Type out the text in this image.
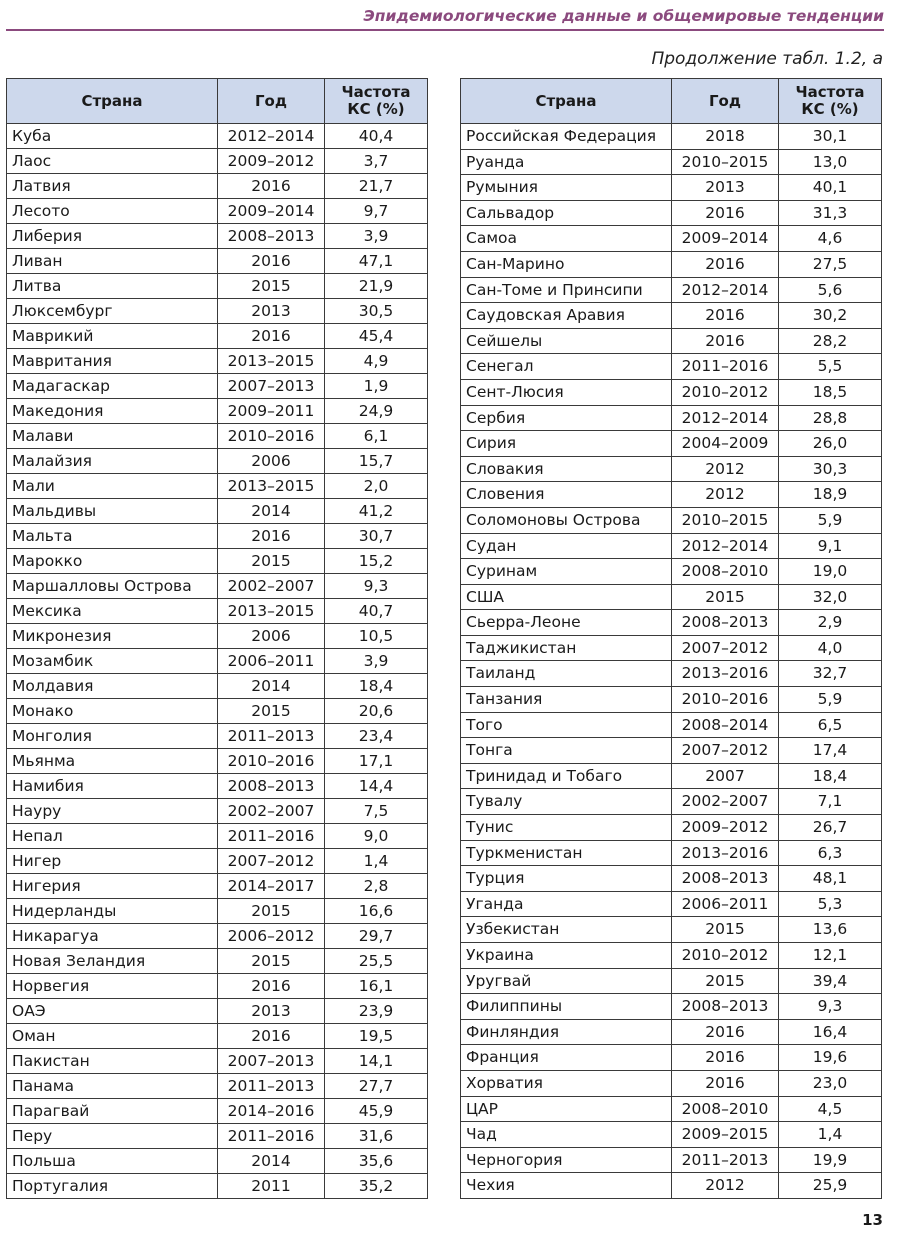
Эпидемиологические данные и общемировые тенденции
Продолжение табл. 1.2, а
Страна	Год	Частота КС (%)
Куба	2012–2014	40,4
Лаос	2009–2012	3,7
Латвия	2016	21,7
Лесото	2009–2014	9,7
Либерия	2008–2013	3,9
Ливан	2016	47,1
Литва	2015	21,9
Люксембург	2013	30,5
Маврикий	2016	45,4
Мавритания	2013–2015	4,9
Мадагаскар	2007–2013	1,9
Македония	2009–2011	24,9
Малави	2010–2016	6,1
Малайзия	2006	15,7
Мали	2013–2015	2,0
Мальдивы	2014	41,2
Мальта	2016	30,7
Марокко	2015	15,2
Маршалловы Острова	2002–2007	9,3
Мексика	2013–2015	40,7
Микронезия	2006	10,5
Мозамбик	2006–2011	3,9
Молдавия	2014	18,4
Монако	2015	20,6
Монголия	2011–2013	23,4
Мьянма	2010–2016	17,1
Намибия	2008–2013	14,4
Науру	2002–2007	7,5
Непал	2011–2016	9,0
Нигер	2007–2012	1,4
Нигерия	2014–2017	2,8
Нидерланды	2015	16,6
Никарагуа	2006–2012	29,7
Новая Зеландия	2015	25,5
Норвегия	2016	16,1
ОАЭ	2013	23,9
Оман	2016	19,5
Пакистан	2007–2013	14,1
Панама	2011–2013	27,7
Парагвай	2014–2016	45,9
Перу	2011–2016	31,6
Польша	2014	35,6
Португалия	2011	35,2
Страна	Год	Частота КС (%)
Российская Федерация	2018	30,1
Руанда	2010–2015	13,0
Румыния	2013	40,1
Сальвадор	2016	31,3
Самоа	2009–2014	4,6
Сан-Марино	2016	27,5
Сан-Томе и Принсипи	2012–2014	5,6
Саудовская Аравия	2016	30,2
Сейшелы	2016	28,2
Сенегал	2011–2016	5,5
Сент-Люсия	2010–2012	18,5
Сербия	2012–2014	28,8
Сирия	2004–2009	26,0
Словакия	2012	30,3
Словения	2012	18,9
Соломоновы Острова	2010–2015	5,9
Судан	2012–2014	9,1
Суринам	2008–2010	19,0
США	2015	32,0
Сьерра-Леоне	2008–2013	2,9
Таджикистан	2007–2012	4,0
Таиланд	2013–2016	32,7
Танзания	2010–2016	5,9
Того	2008–2014	6,5
Тонга	2007–2012	17,4
Тринидад и Тобаго	2007	18,4
Тувалу	2002–2007	7,1
Тунис	2009–2012	26,7
Туркменистан	2013–2016	6,3
Турция	2008–2013	48,1
Уганда	2006–2011	5,3
Узбекистан	2015	13,6
Украина	2010–2012	12,1
Уругвай	2015	39,4
Филиппины	2008–2013	9,3
Финляндия	2016	16,4
Франция	2016	19,6
Хорватия	2016	23,0
ЦАР	2008–2010	4,5
Чад	2009–2015	1,4
Черногория	2011–2013	19,9
Чехия	2012	25,9
13
